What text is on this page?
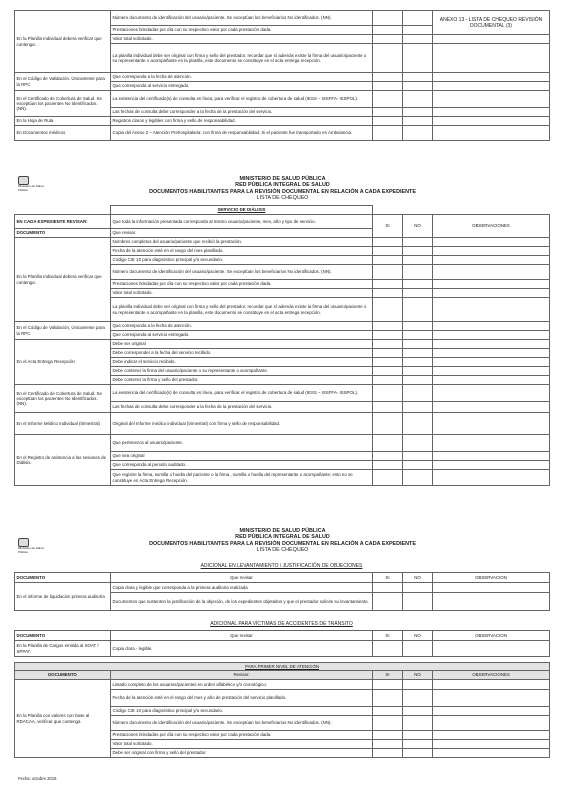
En la Planilla Individual debera verificar que contenga:	Número documento de identificación del usuario/paciente. Se exceptúan los beneficiarios No identificados. (NN).			ANEXO 13 - LISTA DE CHEQUEO REVISIÓN DOCUMENTAL (3)
	Prestaciones brindadas por día con su respectivo valor por cada prestación dada.			
	Valor total solicitado.			
	La planilla individual debe ser original con firma y sello del prestador, recordar que sí además existe la firma del usuario/paciente o su representante o acompañante en la planilla, este documento se constituye en el acta entrega recepción.			
En el Código de Validación. Únicamente para la RPC	Que corresponda a la fecha de atención.			
	Que corresponda al servicio entregado.			
En el Certificado de Cobertura de Salud. Se exceptúan los pacientes No Identificados. (NN).	La existencia del certificado(s) de consulta en línea, para verificar el registro de cobertura de salud (IESS – ISSFFA- ISSPOL).			
	Las fechas de consulta debe corresponder a la fecha de la prestación del servicio.			
En la Hoja de Ruta	Registros claros y legibles con firma y sello de responsabilidad.			
En Documentos médicos	Copia del Anexo 2 – Atención Prehospitalaria: con firma de responsabilidad. Si el paciente fue transportado en Ambulancia.			
Ministerio de Salud Pública
MINISTERIO DE SALUD PÚBLICA
RED PÚBLICA INTEGRAL DE SALUD
DOCUMENTOS HABILITANTES PARA LA REVISIÓN DOCUMENTAL EN RELACIÓN A CADA EXPEDIENTE
LISTA DE CHEQUEO
	SERVICIO DE DIÁLISIS			
EN CADA EXPEDIENTE REVISAR:	Que toda la información presentada corresponda al mismo usuario/paciente, mes, año y tipo de servicio.	SI	NO	OBSERVACIONES
DOCUMENTO	Que revisar			
En la Planilla Individual debera verificar que contenga:	Nombres completos del usuario/paciente que recibió la prestación.			
	Fecha de la atención esté en el rango del mes planillado.			
	Código CIE 10 para diagnóstico principal y/o secundario.			
	Número documento de identificación del usuario/paciente. Se exceptúan los beneficiarios No identificados. (NN).			
	Prestaciones brindadas por día con su respectivo valor por cada prestación dada.			
	Valor total solicitado.			
	La planilla individual debe ser original con firma y sello del prestador, recordar que sí además existe la firma del usuario/paciente o su representante o acompañante en la planilla, este documento se constituye en el acta entrega recepción.			
En el Código de Validación, Únicamente para la RPC	Que corresponda a la fecha de atención.			
	Que corresponda al servicio entregado.			
En el Acta Entrega Recepción	Debe ser original			
	Debe corresponder a la fecha del servicio recibido.			
	Debe indicar el servicio recibido.			
	Debe contener la firma del usuario/paciente o su representante o acompañante.			
	Debe contener la firma y sello del prestador.			
En el Certificado de Cobertura de Salud. Se exceptúan los pacientes No Identificados. (NN).	La existencia del certificado(s) de consulta en línea, para verificar el registro de cobertura de salud (IESS – ISSFFA- ISSPOL).			
	Las fechas de consulta debe corresponder a la fecha de la prestación del servicio.			
En el Informe Médico Individual (trimestral)	Original del Informe médico individual (trimestral) con firma y sello de responsabilidad.			
En el Registro de asistencia a las sesiones de Diálisis.	Que pertenezca al usuario/paciente.			
	Que sea original			
	Que corresponda al periodo auditado.			
	Que registre la firma, sumilla o huella del paciente o la firma , sumilla o huella del representante o acompañante; esto no se constituye en Acta Entrega Recepción.			
Ministerio de Salud Pública
MINISTERIO DE SALUD PÚBLICA
RED PÚBLICA INTEGRAL DE SALUD
DOCUMENTOS HABILITANTES PARA LA REVISIÓN DOCUMENTAL EN RELACIÓN A CADA EXPEDIENTE
LISTA DE CHEQUEO
ADICIONAL EN LEVANTAMIENTO / JUSTIFICACIÓN DE OBJECIONES
DOCUMENTO	Que revisar	SI	NO	OBSERVACION
En el informe de liquidación primera auditoría	Copia clara y legible que corresponda a la primera auditoria realizada			
	Documentos que sustenten la justificación de la objeción, de los expedientes objetados y que el prestador solicite su levantamiento.			
ADICIONAL PARA VÍCTIMAS DE ACCIDENTES DE TRÁNSITO
DOCUMENTO	Que revisar	SI	NO	OBSERVACION
En la Planilla de Cargos emitida al SOAT / SPPAT.	Copia clara - legible.			
PARA PRIMER NIVEL DE ATENCIÓN				
DOCUMENTO	Revisar:	SI	NO	OBSERVACIONES
En la Planilla con valores con base al RDACAA, verificar que contenga	Listado completo de los usuarios/pacientes en orden alfabético y/o cronológico.			
	Fecha de la atención esté en el rango del mes y año de prestación del servicio planillado.			
	Código CIE 10 para diagnóstico principal y/o secundario.			
	Número documento de identificación del usuario/paciente. Se exceptúan los beneficiarios No identificados. (NN).			
	Prestaciones brindadas por día con su respectivo valor por cada prestación dada.			
	Valor total solicitado.			
	Debe ser original con firma y sello del prestador.			
Fecha: octubre 2016
